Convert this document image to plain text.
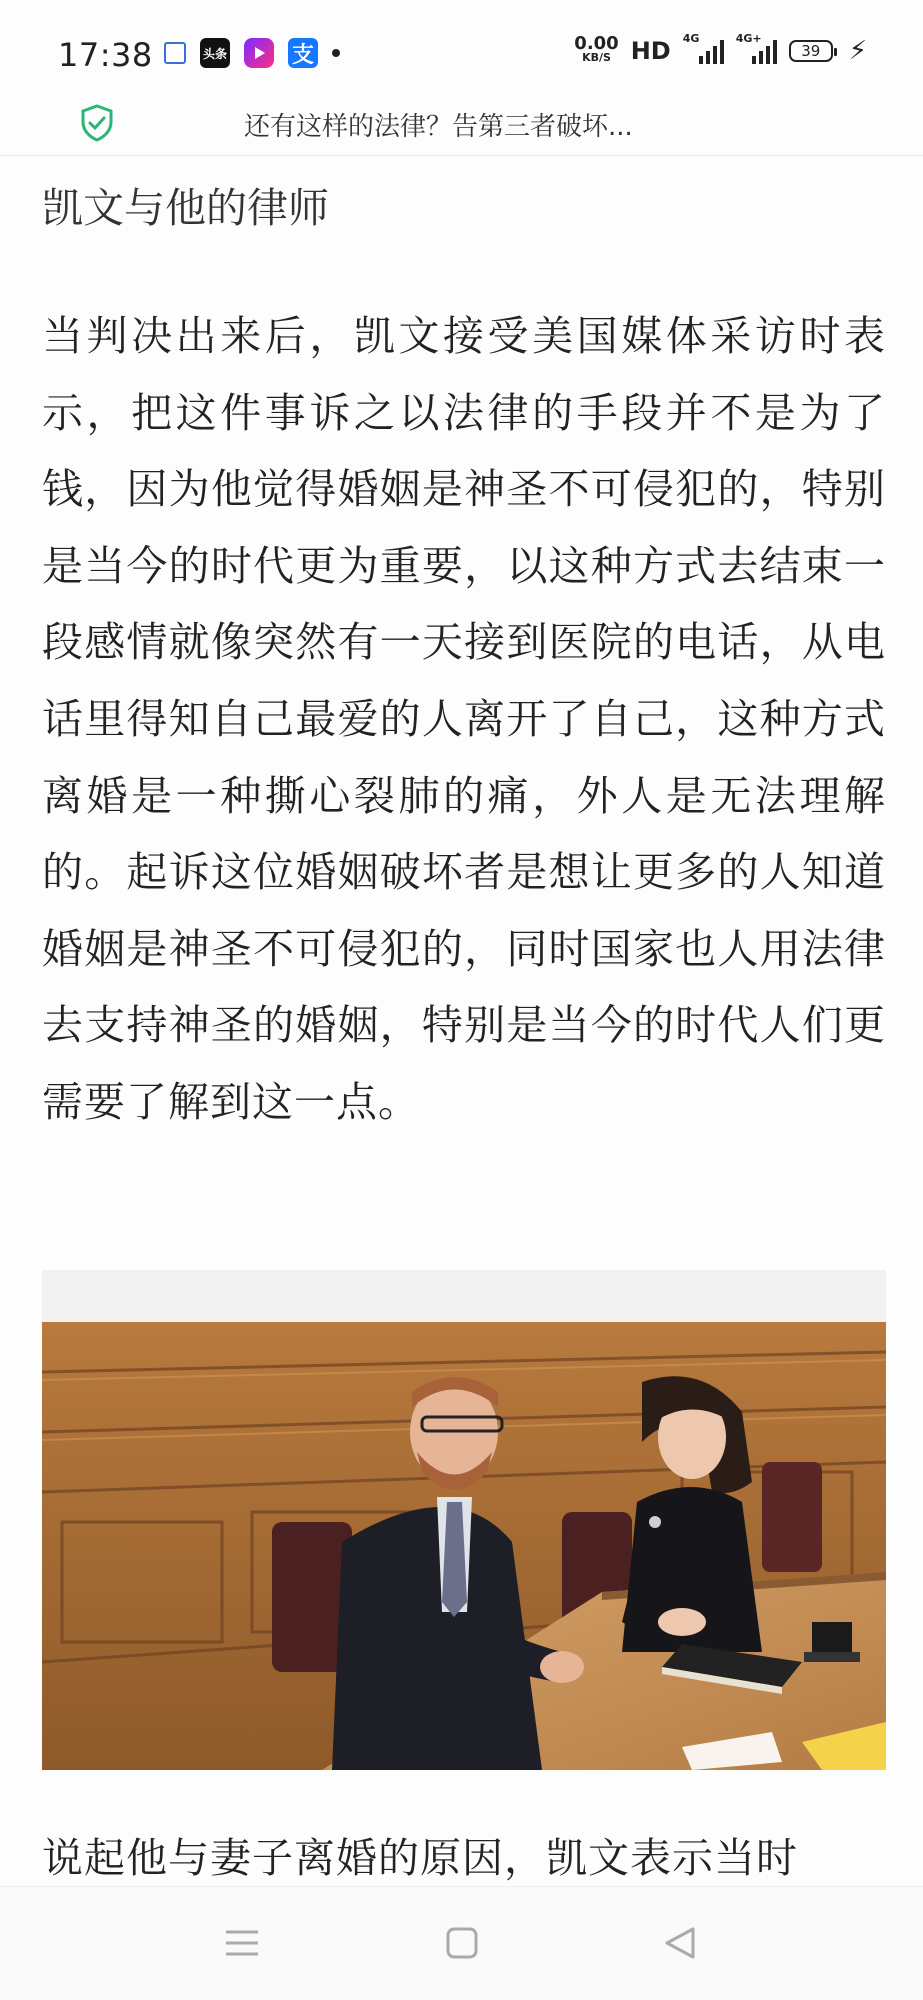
17:38	头条	支	0.00
KB/S HD 4G	4G+
39 ⚡
还有这样的法律？告第三者破坏...
凯文与他的律师
当判决出来后，凯文接受美国媒体采访时表示，把这件事诉之以法律的手段并不是为了钱，因为他觉得婚姻是神圣不可侵犯的，特别是当今的时代更为重要，以这种方式去结束一段感情就像突然有一天接到医院的电话，从电话里得知自己最爱的人离开了自己，这种方式离婚是一种撕心裂肺的痛，外人是无法理解的。起诉这位婚姻破坏者是想让更多的人知道婚姻是神圣不可侵犯的，同时国家也人用法律去支持神圣的婚姻，特别是当今的时代人们更需要了解到这一点。
说起他与妻子离婚的原因，凯文表示当时
